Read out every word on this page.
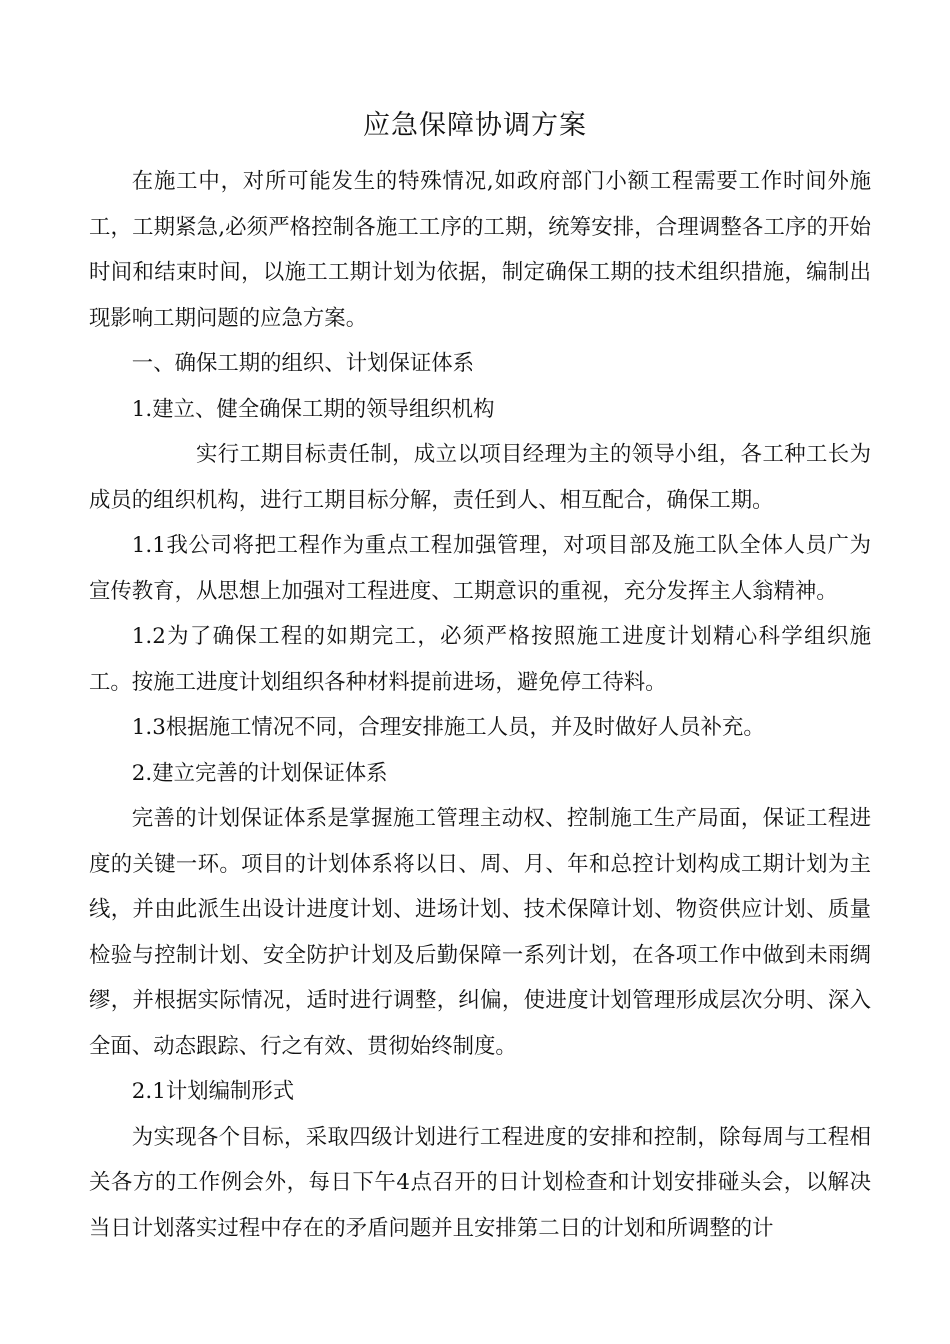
应急保障协调方案

在施工中，对所可能发生的特殊情况,如政府部门小额工程需要工作时间外施工，工期紧急,必须严格控制各施工工序的工期，统筹安排，合理调整各工序的开始时间和结束时间，以施工工期计划为依据，制定确保工期的技术组织措施，编制出现影响工期问题的应急方案。

一、确保工期的组织、计划保证体系

1.建立、健全确保工期的领导组织机构

实行工期目标责任制，成立以项目经理为主的领导小组，各工种工长为成员的组织机构，进行工期目标分解，责任到人、相互配合，确保工期。

1.1我公司将把工程作为重点工程加强管理，对项目部及施工队全体人员广为宣传教育，从思想上加强对工程进度、工期意识的重视，充分发挥主人翁精神。

1.2为了确保工程的如期完工，必须严格按照施工进度计划精心科学组织施工。按施工进度计划组织各种材料提前进场，避免停工待料。

1.3根据施工情况不同，合理安排施工人员，并及时做好人员补充。

2.建立完善的计划保证体系

完善的计划保证体系是掌握施工管理主动权、控制施工生产局面，保证工程进度的关键一环。项目的计划体系将以日、周、月、年和总控计划构成工期计划为主线，并由此派生出设计进度计划、进场计划、技术保障计划、物资供应计划、质量检验与控制计划、安全防护计划及后勤保障一系列计划，在各项工作中做到未雨绸缪，并根据实际情况，适时进行调整，纠偏，使进度计划管理形成层次分明、深入全面、动态跟踪、行之有效、贯彻始终制度。

2.1计划编制形式

为实现各个目标，采取四级计划进行工程进度的安排和控制，除每周与工程相关各方的工作例会外，每日下午4点召开的日计划检查和计划安排碰头会，以解决当日计划落实过程中存在的矛盾问题并且安排第二日的计划和所调整的计
